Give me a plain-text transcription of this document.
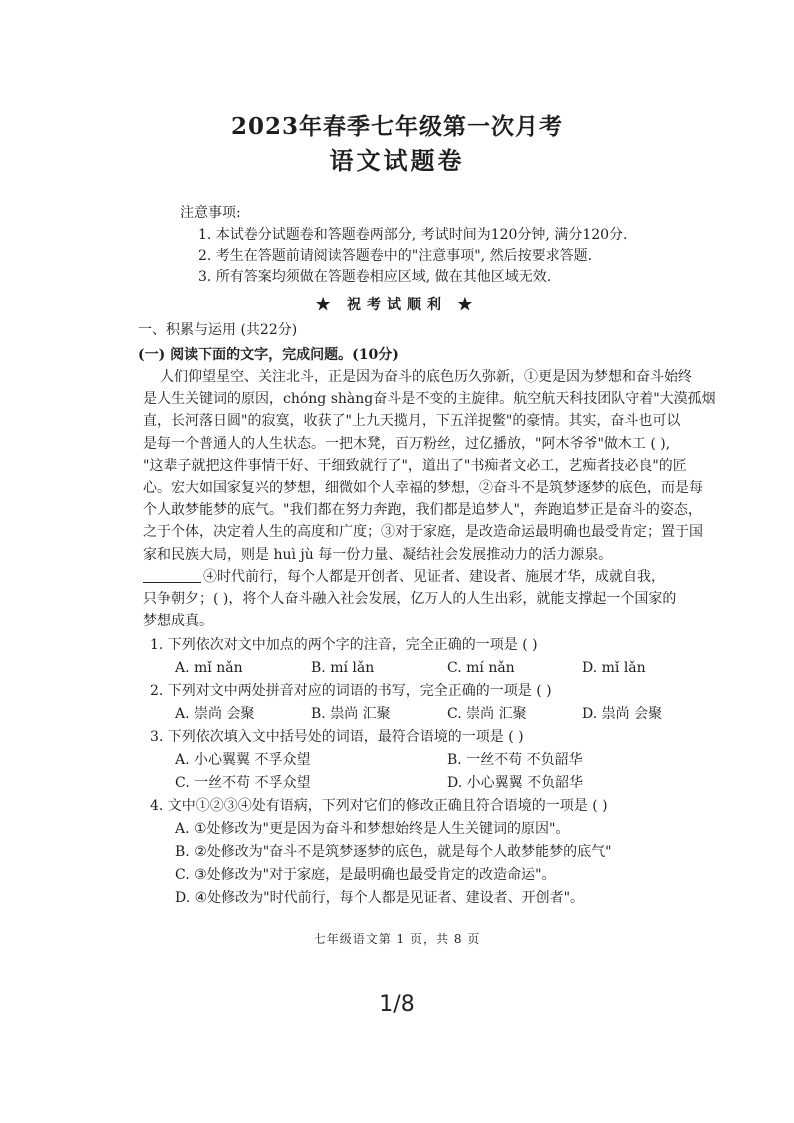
2023年春季七年级第一次月考
语文试题卷
注意事项:
1. 本试卷分试题卷和答题卷两部分, 考试时间为120分钟, 满分120分.
2. 考生在答题前请阅读答题卷中的"注意事项", 然后按要求答题.
3. 所有答案均须做在答题卷相应区域, 做在其他区域无效.
★ 祝考试顺利 ★
一、积累与运用 (共22分)
(一) 阅读下面的文字，完成问题。(10分)
人们仰望星空、关注北斗，正是因为奋斗的底色历久弥新，①更是因为梦想和奋斗始终
是人生关键词的原因，chóng shàng奋斗是不变的主旋律。航空航天科技团队守着"大漠孤烟
直，长河落日圆"的寂寞，收获了"上九天揽月，下五洋捉鳖"的豪情。其实，奋斗也可以
是每一个普通人的人生状态。一把木凳，百万粉丝，过亿播放，"阿木爷爷"做木工 ( ),
"这辈子就把这件事情干好、干细致就行了"，道出了"书痴者文必工，艺痴者技必良"的匠
心。宏大如国家复兴的梦想，细微如个人幸福的梦想，②奋斗不是筑梦逐梦的底色，而是每
个人敢梦能梦的底气。"我们都在努力奔跑，我们都是追梦人"，奔跑追梦正是奋斗的姿态，
之于个体，决定着人生的高度和广度；③对于家庭，是改造命运最明确也最受肯定；置于国
家和民族大局，则是 huì jù 每一份力量、凝结社会发展推动力的活力源泉。
④时代前行，每个人都是开创者、见证者、建设者、施展才华，成就自我，
只争朝夕；( )，将个人奋斗融入社会发展，亿万人的人生出彩，就能支撑起一个国家的
梦想成真。
1. 下列依次对文中加点的两个字的注音，完全正确的一项是 ( )
A. mǐ nǎn	B. mí lǎn	C. mí nǎn	D. mǐ lǎn
2. 下列对文中两处拼音对应的词语的书写，完全正确的一项是 ( )
A. 崇尚 会聚	B. 祟尚 汇聚	C. 崇尚 汇聚	D. 祟尚 会聚
3. 下列依次填入文中括号处的词语，最符合语境的一项是 ( )
A. 小心翼翼 不孚众望	B. 一丝不苟 不负韶华
C. 一丝不苟 不孚众望	D. 小心翼翼 不负韶华
4. 文中①②③④处有语病，下列对它们的修改正确且符合语境的一项是 ( )
A. ①处修改为"更是因为奋斗和梦想始终是人生关键词的原因"。
B. ②处修改为"奋斗不是筑梦逐梦的底色，就是每个人敢梦能梦的底气"
C. ③处修改为"对于家庭，是最明确也最受肯定的改造命运"。
D. ④处修改为"时代前行，每个人都是见证者、建设者、开创者"。
七年级语文第 1 页，共 8 页
1/8
